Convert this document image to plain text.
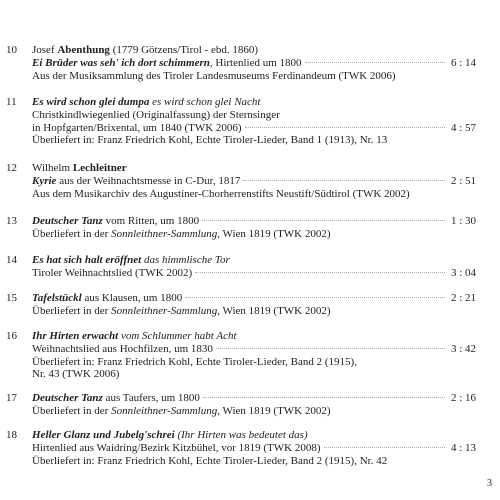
10	Josef Abenthung (1779 Götzens/Tirol - ebd. 1860)
Ei Brüder was seh' ich dort schimmern, Hirtenlied um 1800	6 : 14
Aus der Musiksammlung des Tiroler Landesmuseums Ferdinandeum (TWK 2006)
11	Es wird schon glei dumpa es wird schon glei Nacht
Christkindlwiegenlied (Originalfassung) der Sternsinger
in Hopfgarten/Brixental, um 1840 (TWK 2006)	4 : 57
Überliefert in: Franz Friedrich Kohl, Echte Tiroler-Lieder, Band 1 (1913), Nr. 13
12	Wilhelm Lechleitner
Kyrie aus der Weihnachtsmesse in C-Dur, 1817	2 : 51
Aus dem Musikarchiv des Augustiner-Chorherrenstifts Neustift/Südtirol (TWK 2002)
13	Deutscher Tanz vom Ritten, um 1800	1 : 30
Überliefert in der Sonnleithner-Sammlung, Wien 1819 (TWK 2002)
14	Es hat sich halt eröffnet das himmlische Tor
Tiroler Weihnachtslied (TWK 2002)	3 : 04
15	Tafelstückl aus Klausen, um 1800	2 : 21
Überliefert in der Sonnleithner-Sammlung, Wien 1819 (TWK 2002)
16	Ihr Hirten erwacht vom Schlummer habt Acht
Weihnachtslied aus Hochfilzen, um 1830	3 : 42
Überliefert in: Franz Friedrich Kohl, Echte Tiroler-Lieder, Band 2 (1915),
Nr. 43 (TWK 2006)
17	Deutscher Tanz aus Taufers, um 1800	2 : 16
Überliefert in der Sonnleithner-Sammlung, Wien 1819 (TWK 2002)
18	Heller Glanz und Jubelg'schrei (Ihr Hirten was bedeutet das)
Hirtenlied aus Waidring/Bezirk Kitzbühel, vor 1819 (TWK 2008)	4 : 13
Überliefert in: Franz Friedrich Kohl, Echte Tiroler-Lieder, Band 2 (1915), Nr. 42
3
